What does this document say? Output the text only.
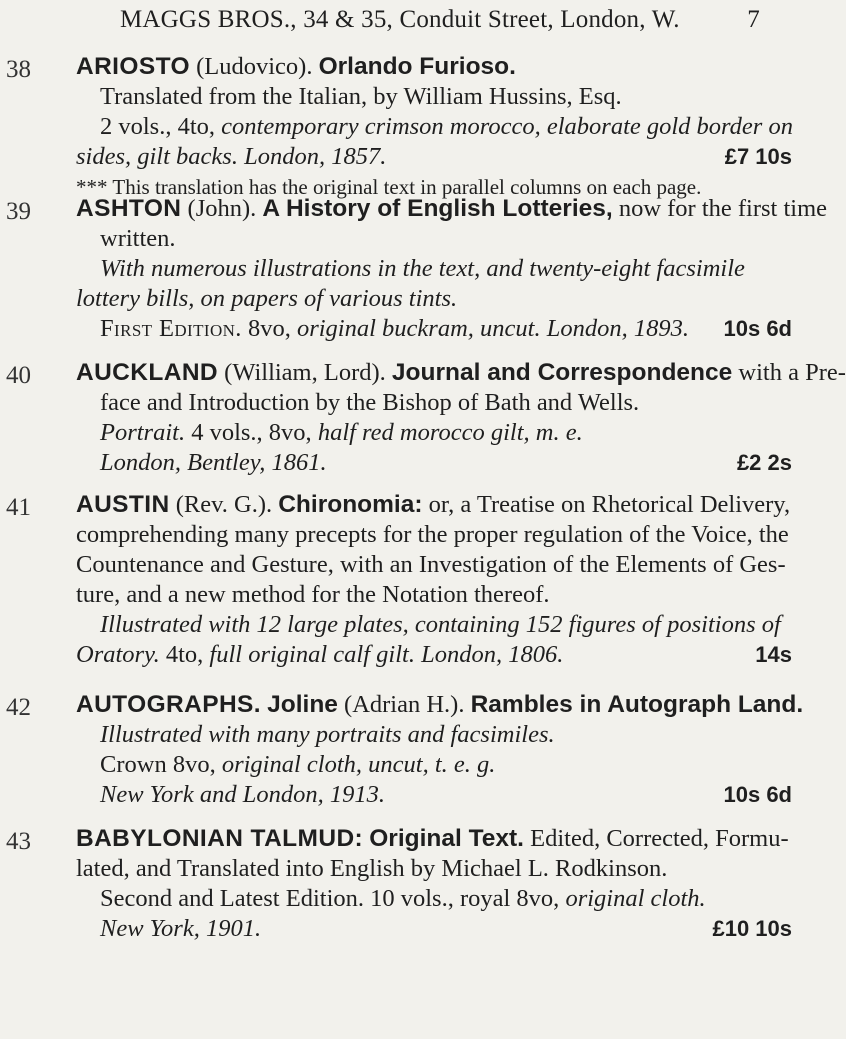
MAGGS BROS., 34 & 35, Conduit Street, London, W.	7
38	ARIOSTO (Ludovico). Orlando Furioso.
Translated from the Italian, by William Hussins, Esq.
2 vols., 4to, contemporary crimson morocco, elaborate gold border on
sides, gilt backs. London, 1857.	£7 10s
*** This translation has the original text in parallel columns on each page.
39	ASHTON (John). A History of English Lotteries, now for the first time
written.
With numerous illustrations in the text, and twenty-eight facsimile
lottery bills, on papers of various tints.
First Edition. 8vo, original buckram, uncut. London, 1893. 10s 6d
40	AUCKLAND (William, Lord). Journal and Correspondence with a Pre-
face and Introduction by the Bishop of Bath and Wells.
Portrait. 4 vols., 8vo, half red morocco gilt, m. e.
London, Bentley, 1861.	£2 2s
41	AUSTIN (Rev. G.). Chironomia: or, a Treatise on Rhetorical Delivery,
comprehending many precepts for the proper regulation of the Voice, the
Countenance and Gesture, with an Investigation of the Elements of Ges-
ture, and a new method for the Notation thereof.
Illustrated with 12 large plates, containing 152 figures of positions of
Oratory. 4to, full original calf gilt. London, 1806.	14s
42	AUTOGRAPHS. Joline (Adrian H.). Rambles in Autograph Land.
Illustrated with many portraits and facsimiles.
Crown 8vo, original cloth, uncut, t. e. g.
New York and London, 1913.	10s 6d
43	BABYLONIAN TALMUD: Original Text. Edited, Corrected, Formu-
lated, and Translated into English by Michael L. Rodkinson.
Second and Latest Edition. 10 vols., royal 8vo, original cloth.
New York, 1901.	£10 10s
